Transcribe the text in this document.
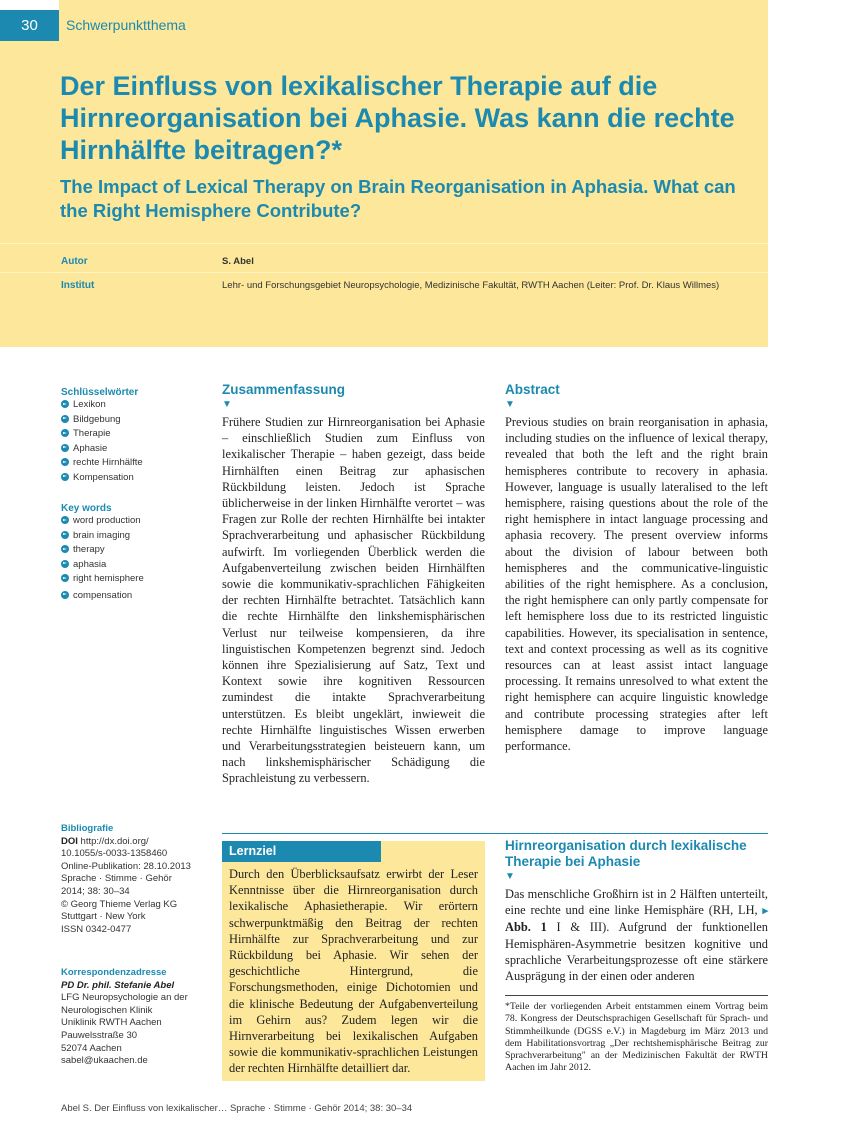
30	Schwerpunktthema
Der Einfluss von lexikalischer Therapie auf die Hirnreorganisation bei Aphasie. Was kann die rechte Hirnhälfte beitragen?*
The Impact of Lexical Therapy on Brain Reorganisation in Aphasia. What can the Right Hemisphere Contribute?
Autor	S. Abel
Institut	Lehr- und Forschungsgebiet Neuropsychologie, Medizinische Fakultät, RWTH Aachen (Leiter: Prof. Dr. Klaus Willmes)
Schlüsselwörter
Lexikon
Bildgebung
Therapie
Aphasie
rechte Hirnhälfte
Kompensation
Key words
word production
brain imaging
therapy
aphasia
right hemisphere
compensation
Zusammenfassung
▼
Frühere Studien zur Hirnreorganisation bei Aphasie – einschließlich Studien zum Einfluss von lexikalischer Therapie – haben gezeigt, dass beide Hirnhälften einen Beitrag zur aphasischen Rückbildung leisten. Jedoch ist Sprache üblicherweise in der linken Hirnhälfte verortet – was Fragen zur Rolle der rechten Hirnhälfte bei intakter Sprachverarbeitung und aphasischer Rückbildung aufwirft. Im vorliegenden Überblick werden die Aufgabenverteilung zwischen beiden Hirnhälften sowie die kommunikativ-sprachlichen Fähigkeiten der rechten Hirnhälfte betrachtet. Tatsächlich kann die rechte Hirnhälfte den linkshemisphärischen Verlust nur teilweise kompensieren, da ihre linguistischen Kompetenzen begrenzt sind. Jedoch können ihre Spezialisierung auf Satz, Text und Kontext sowie ihre kognitiven Ressourcen zumindest die intakte Sprachverarbeitung unterstützen. Es bleibt ungeklärt, inwieweit die rechte Hirnhälfte linguistisches Wissen erwerben und Verarbeitungsstrategien beisteuern kann, um nach linkshemisphärischer Schädigung die Sprachleistung zu verbessern.
Abstract
▼
Previous studies on brain reorganisation in aphasia, including studies on the influence of lexical therapy, revealed that both the left and the right brain hemispheres contribute to recovery in aphasia. However, language is usually lateralised to the left hemisphere, raising questions about the role of the right hemisphere in intact language processing and aphasia recovery. The present overview informs about the division of labour between both hemispheres and the communicative-linguistic abilities of the right hemisphere. As a conclusion, the right hemisphere can only partly compensate for left hemisphere loss due to its restricted linguistic capabilities. However, its specialisation in sentence, text and context processing as well as its cognitive resources can at least assist intact language processing. It remains unresolved to what extent the right hemisphere can acquire linguistic knowledge and contribute processing strategies after left hemisphere damage to improve language performance.
Bibliografie
DOI http://dx.doi.org/
10.1055/s-0033-1358460
Online-Publikation: 28.10.2013
Sprache · Stimme · Gehör
2014; 38: 30–34
© Georg Thieme Verlag KG
Stuttgart · New York
ISSN 0342-0477
Korrespondenzadresse
PD Dr. phil. Stefanie Abel
LFG Neuropsychologie an der
Neurologischen Klinik
Uniklinik RWTH Aachen
Pauwelsstraße 30
52074 Aachen
sabel@ukaachen.de
Lernziel
Durch den Überblicksaufsatz erwirbt der Leser Kenntnisse über die Hirnreorganisation durch lexikalische Aphasietherapie. Wir erörtern schwerpunktmäßig den Beitrag der rechten Hirnhälfte zur Sprachverarbeitung und zur Rückbildung bei Aphasie. Wir sehen der geschichtliche Hintergrund, die Forschungsmethoden, einige Dichotomien und die klinische Bedeutung der Aufgabenverteilung im Gehirn aus? Zudem legen wir die Hirnverarbeitung bei lexikalischen Aufgaben sowie die kommunikativ-sprachlichen Leistungen der rechten Hirnhälfte detailliert dar.
Hirnreorganisation durch lexikalische Therapie bei Aphasie
▼
Das menschliche Großhirn ist in 2 Hälften unterteilt, eine rechte und eine linke Hemisphäre (RH, LH, ▸ Abb. 1 I & III). Aufgrund der funktionellen Hemisphären-Asymmetrie besitzen kognitive und sprachliche Verarbeitungsprozesse oft eine stärkere Ausprägung in der einen oder anderen
*Teile der vorliegenden Arbeit entstammen einem Vortrag beim 78. Kongress der Deutschsprachigen Gesellschaft für Sprach- und Stimmheilkunde (DGSS e.V.) in Magdeburg im März 2013 und dem Habilitationsvortrag „Der rechtshemisphärische Beitrag zur Sprachverarbeitung" an der Medizinischen Fakultät der RWTH Aachen im Jahr 2012.
Abel S. Der Einfluss von lexikalischer… Sprache · Stimme · Gehör 2014; 38: 30–34
